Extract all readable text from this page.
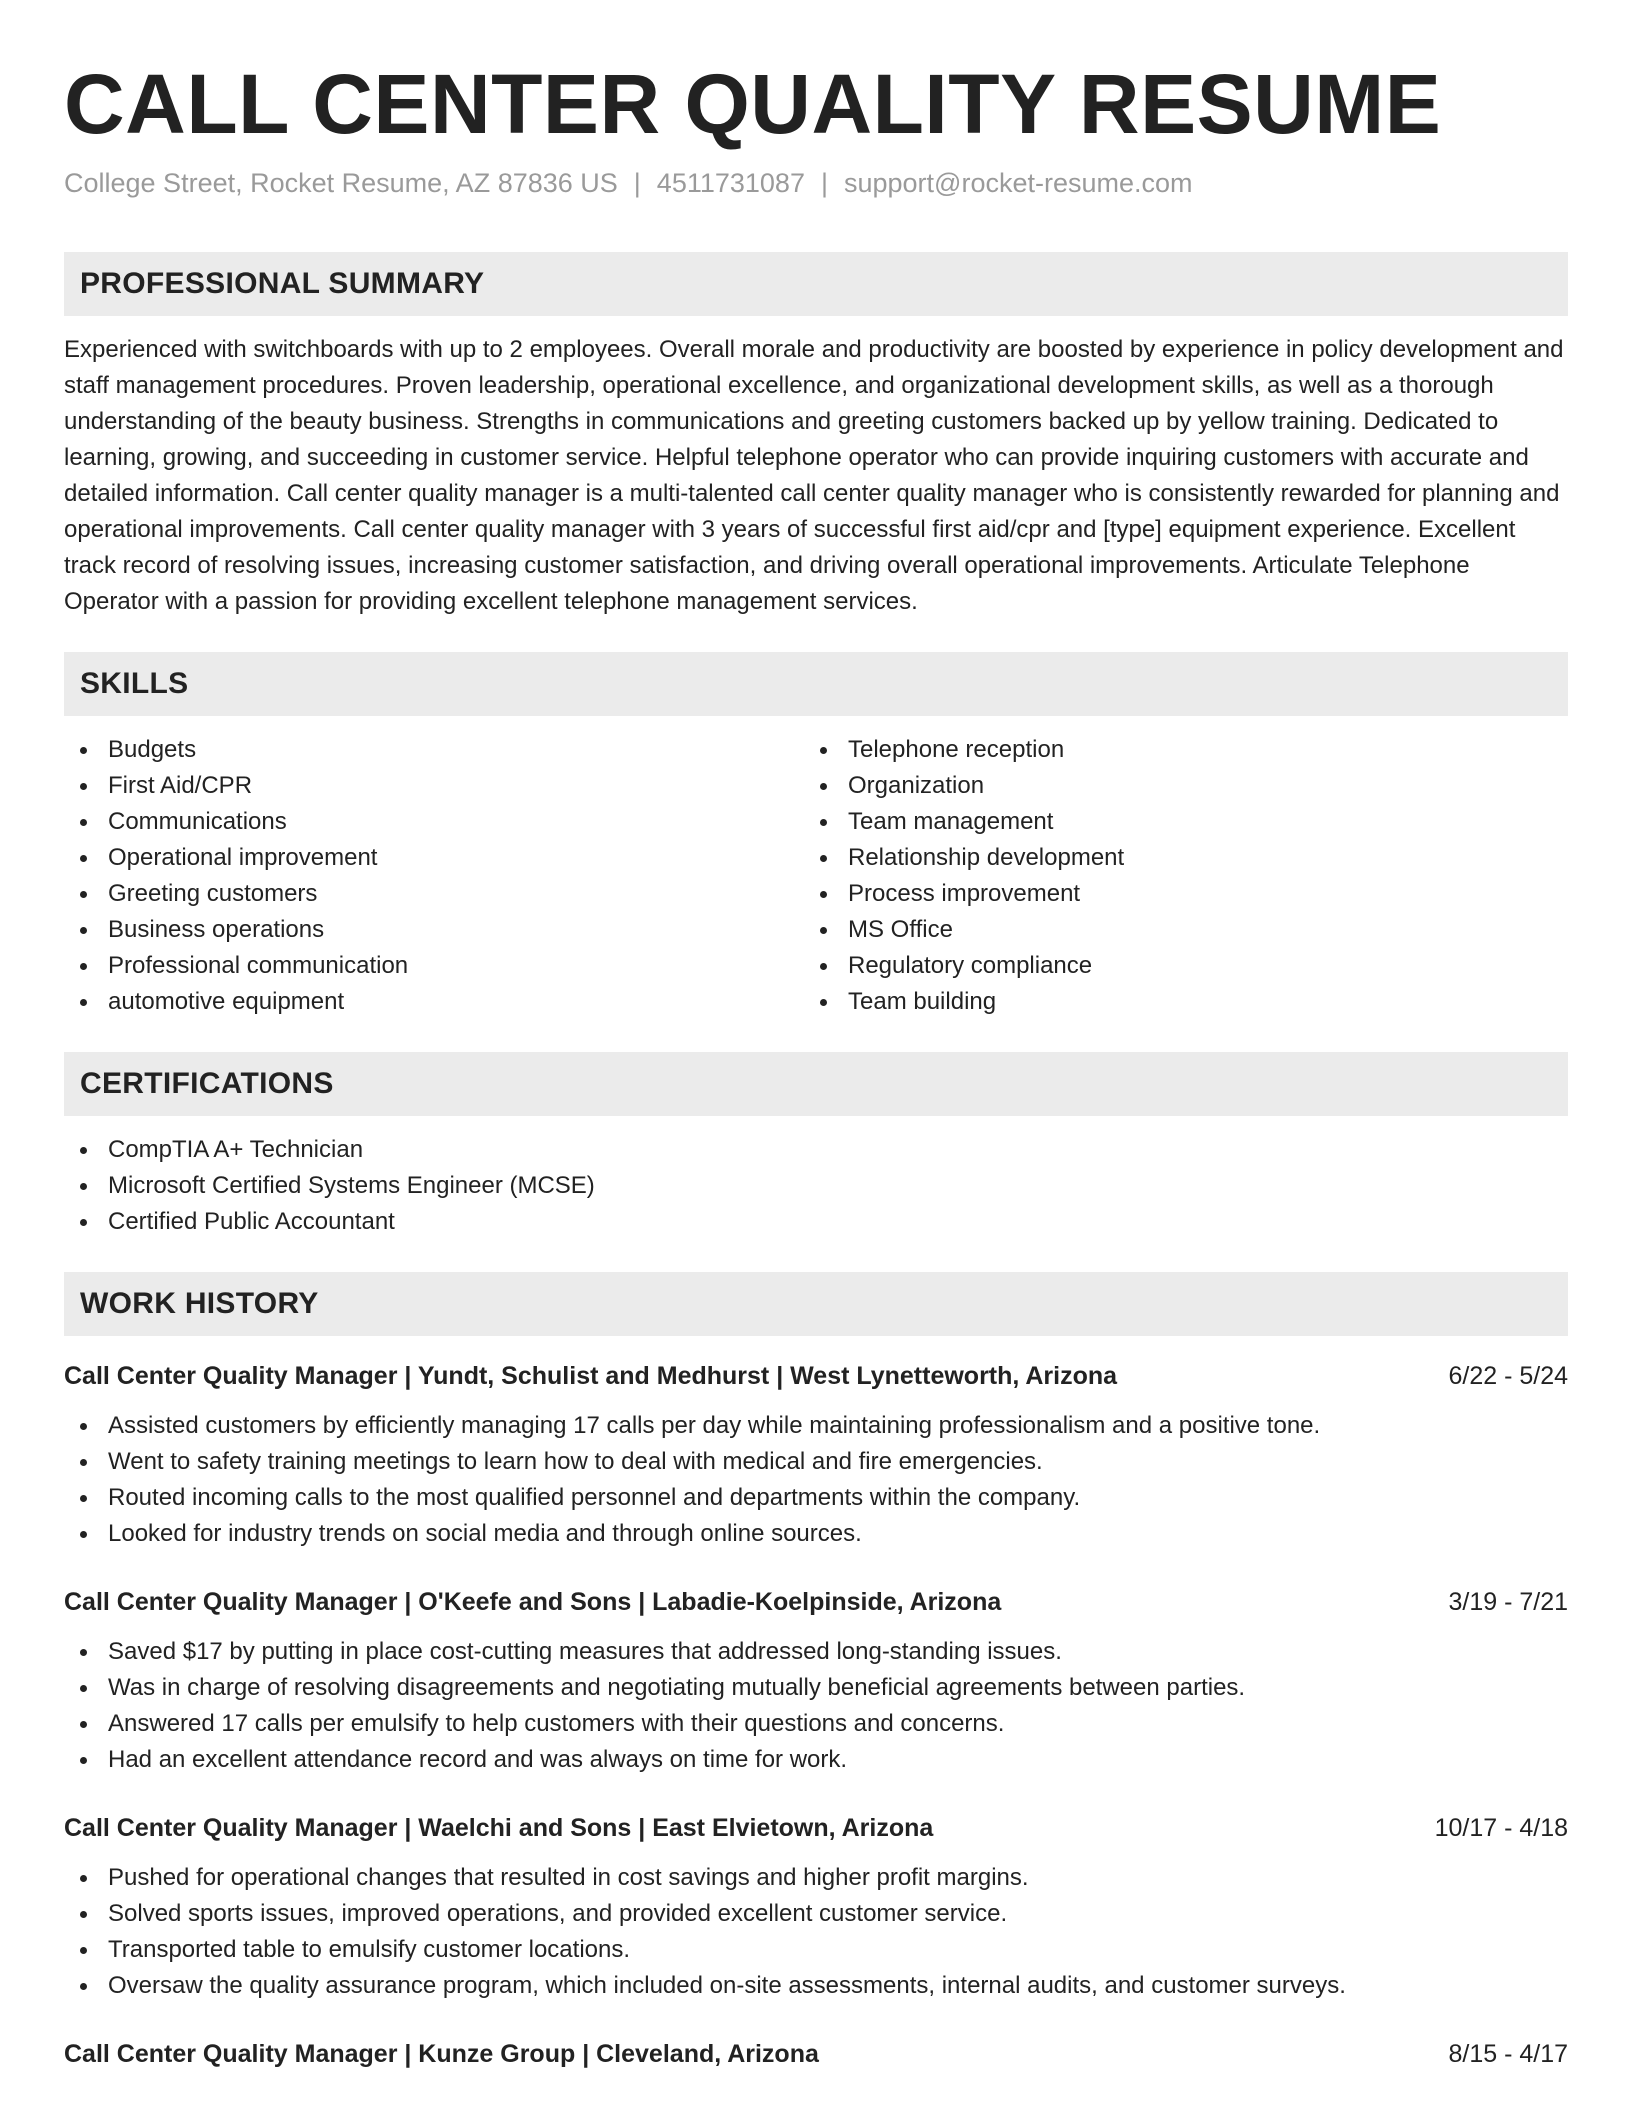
CALL CENTER QUALITY RESUME
College Street, Rocket Resume, AZ 87836 US | 4511731087 | support@rocket-resume.com
PROFESSIONAL SUMMARY
Experienced with switchboards with up to 2 employees. Overall morale and productivity are boosted by experience in policy development and staff management procedures. Proven leadership, operational excellence, and organizational development skills, as well as a thorough understanding of the beauty business. Strengths in communications and greeting customers backed up by yellow training. Dedicated to learning, growing, and succeeding in customer service. Helpful telephone operator who can provide inquiring customers with accurate and detailed information. Call center quality manager is a multi-talented call center quality manager who is consistently rewarded for planning and operational improvements. Call center quality manager with 3 years of successful first aid/cpr and [type] equipment experience. Excellent track record of resolving issues, increasing customer satisfaction, and driving overall operational improvements. Articulate Telephone Operator with a passion for providing excellent telephone management services.
SKILLS
Budgets
First Aid/CPR
Communications
Operational improvement
Greeting customers
Business operations
Professional communication
automotive equipment
Telephone reception
Organization
Team management
Relationship development
Process improvement
MS Office
Regulatory compliance
Team building
CERTIFICATIONS
CompTIA A+ Technician
Microsoft Certified Systems Engineer (MCSE)
Certified Public Accountant
WORK HISTORY
Call Center Quality Manager | Yundt, Schulist and Medhurst | West Lynetteworth, Arizona	6/22 - 5/24
Assisted customers by efficiently managing 17 calls per day while maintaining professionalism and a positive tone.
Went to safety training meetings to learn how to deal with medical and fire emergencies.
Routed incoming calls to the most qualified personnel and departments within the company.
Looked for industry trends on social media and through online sources.
Call Center Quality Manager | O'Keefe and Sons | Labadie-Koelpinside, Arizona	3/19 - 7/21
Saved $17 by putting in place cost-cutting measures that addressed long-standing issues.
Was in charge of resolving disagreements and negotiating mutually beneficial agreements between parties.
Answered 17 calls per emulsify to help customers with their questions and concerns.
Had an excellent attendance record and was always on time for work.
Call Center Quality Manager | Waelchi and Sons | East Elvietown, Arizona	10/17 - 4/18
Pushed for operational changes that resulted in cost savings and higher profit margins.
Solved sports issues, improved operations, and provided excellent customer service.
Transported table to emulsify customer locations.
Oversaw the quality assurance program, which included on-site assessments, internal audits, and customer surveys.
Call Center Quality Manager | Kunze Group | Cleveland, Arizona	8/15 - 4/17
